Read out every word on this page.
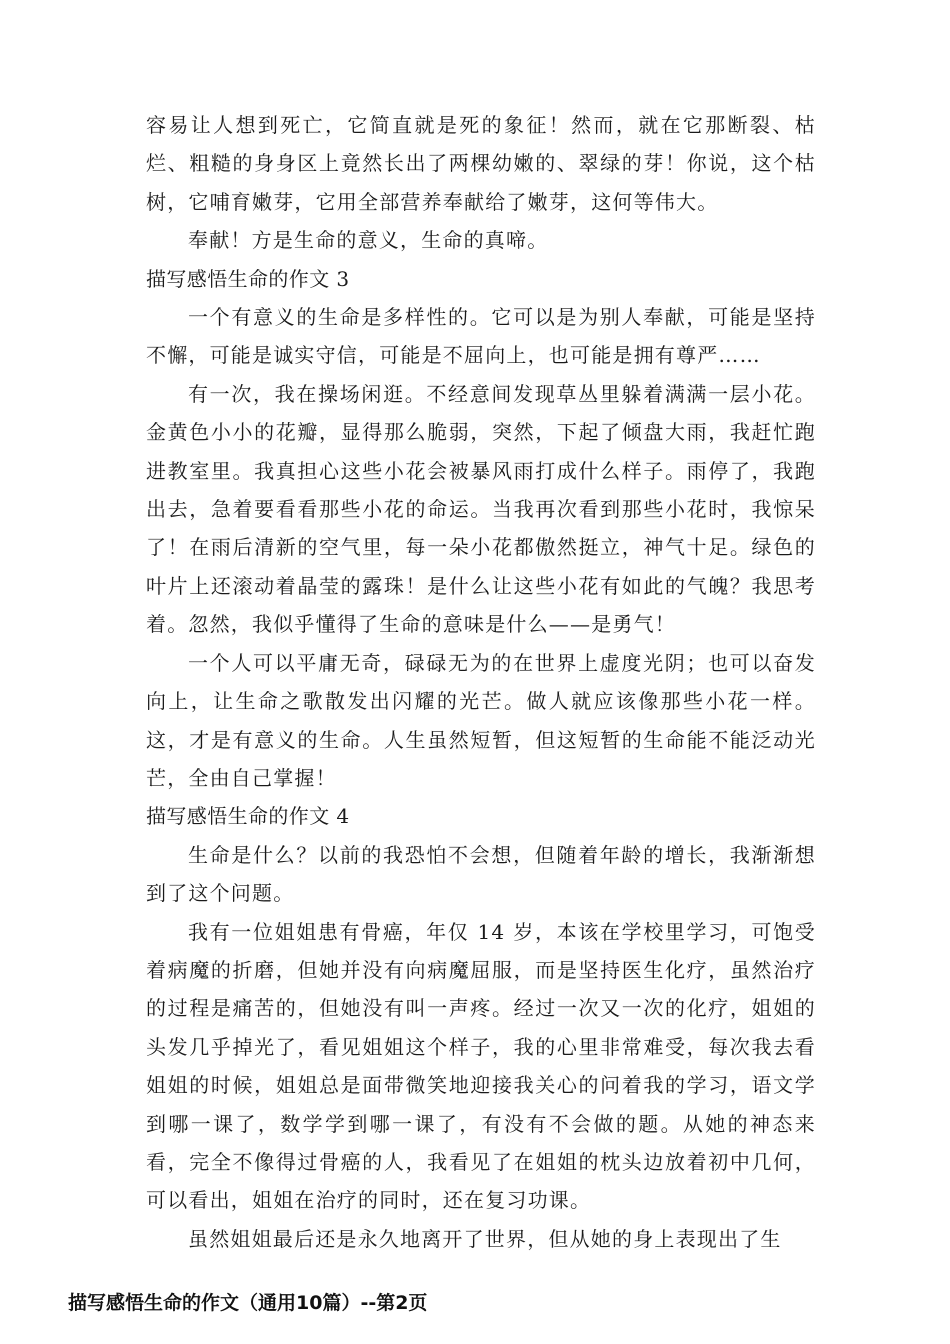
容易让人想到死亡，它简直就是死的象征！然而，就在它那断裂、枯烂、粗糙的身身区上竟然长出了两棵幼嫩的、翠绿的芽！你说，这个枯树，它哺育嫩芽，它用全部营养奉献给了嫩芽，这何等伟大。

奉献！方是生命的意义，生命的真啼。

描写感悟生命的作文 3

一个有意义的生命是多样性的。它可以是为别人奉献，可能是坚持不懈，可能是诚实守信，可能是不屈向上，也可能是拥有尊严……

有一次，我在操场闲逛。不经意间发现草丛里躲着满满一层小花。金黄色小小的花瓣，显得那么脆弱，突然，下起了倾盘大雨，我赶忙跑进教室里。我真担心这些小花会被暴风雨打成什么样子。雨停了，我跑出去，急着要看看那些小花的命运。当我再次看到那些小花时，我惊呆了！在雨后清新的空气里，每一朵小花都傲然挺立，神气十足。绿色的叶片上还滚动着晶莹的露珠！是什么让这些小花有如此的气魄？我思考着。忽然，我似乎懂得了生命的意味是什么——是勇气！

一个人可以平庸无奇，碌碌无为的在世界上虚度光阴；也可以奋发向上，让生命之歌散发出闪耀的光芒。做人就应该像那些小花一样。这，才是有意义的生命。人生虽然短暂，但这短暂的生命能不能泛动光芒，全由自己掌握！

描写感悟生命的作文 4

生命是什么？以前的我恐怕不会想，但随着年龄的增长，我渐渐想到了这个问题。

我有一位姐姐患有骨癌，年仅 14 岁，本该在学校里学习，可饱受着病魔的折磨，但她并没有向病魔屈服，而是坚持医生化疗，虽然治疗的过程是痛苦的，但她没有叫一声疼。经过一次又一次的化疗，姐姐的头发几乎掉光了，看见姐姐这个样子，我的心里非常难受，每次我去看姐姐的时候，姐姐总是面带微笑地迎接我关心的问着我的学习，语文学到哪一课了，数学学到哪一课了，有没有不会做的题。从她的神态来看，完全不像得过骨癌的人，我看见了在姐姐的枕头边放着初中几何，可以看出，姐姐在治疗的同时，还在复习功课。

虽然姐姐最后还是永久地离开了世界，但从她的身上表现出了生

描写感悟生命的作文（通用10篇）--第2页
